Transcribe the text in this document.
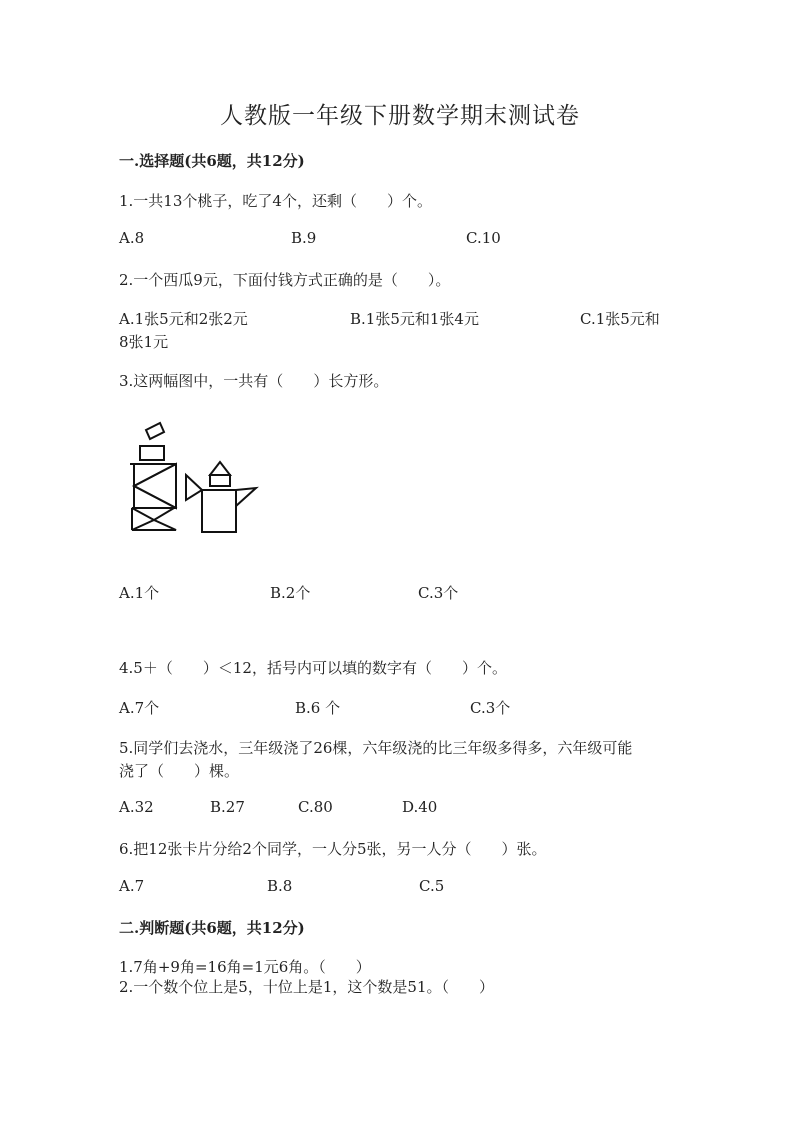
人教版一年级下册数学期末测试卷
一.选择题(共6题，共12分)
1.一共13个桃子，吃了4个，还剩（　　）个。
A.8	B.9	C.10
2.一个西瓜9元，下面付钱方式正确的是（　　）。
A.1张5元和2张2元	B.1张5元和1张4元	C.1张5元和
8张1元
3.这两幅图中，一共有（　　）长方形。
A.1个	B.2个	C.3个
4.5＋（　　）＜12，括号内可以填的数字有（　　）个。
A.7个	B.6 个	C.3个
5.同学们去浇水，三年级浇了26棵，六年级浇的比三年级多得多，六年级可能
浇了（　　）棵。
A.32	B.27	C.80	D.40
6.把12张卡片分给2个同学，一人分5张，另一人分（　　）张。
A.7	B.8	C.5
二.判断题(共6题，共12分)
1.7角+9角=16角=1元6角。（　　）
2.一个数个位上是5，十位上是1，这个数是51。（　　）
